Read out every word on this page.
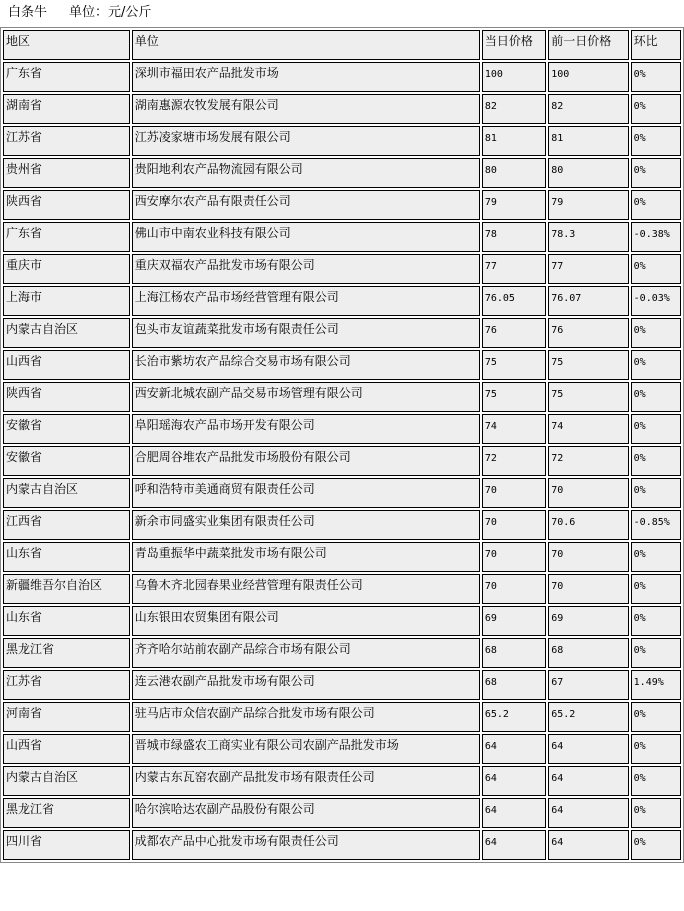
白条牛 单位：元/公斤
地区	单位	当日价格	前一日价格	环比
广东省	深圳市福田农产品批发市场	100	100	0%
湖南省	湖南惠源农牧发展有限公司	82	82	0%
江苏省	江苏凌家塘市场发展有限公司	81	81	0%
贵州省	贵阳地利农产品物流园有限公司	80	80	0%
陕西省	西安摩尔农产品有限责任公司	79	79	0%
广东省	佛山市中南农业科技有限公司	78	78.3	-0.38%
重庆市	重庆双福农产品批发市场有限公司	77	77	0%
上海市	上海江杨农产品市场经营管理有限公司	76.05	76.07	-0.03%
内蒙古自治区	包头市友谊蔬菜批发市场有限责任公司	76	76	0%
山西省	长治市紫坊农产品综合交易市场有限公司	75	75	0%
陕西省	西安新北城农副产品交易市场管理有限公司	75	75	0%
安徽省	阜阳瑶海农产品市场开发有限公司	74	74	0%
安徽省	合肥周谷堆农产品批发市场股份有限公司	72	72	0%
内蒙古自治区	呼和浩特市美通商贸有限责任公司	70	70	0%
江西省	新余市同盛实业集团有限责任公司	70	70.6	-0.85%
山东省	青岛重振华中蔬菜批发市场有限公司	70	70	0%
新疆维吾尔自治区	乌鲁木齐北园春果业经营管理有限责任公司	70	70	0%
山东省	山东银田农贸集团有限公司	69	69	0%
黑龙江省	齐齐哈尔站前农副产品综合市场有限公司	68	68	0%
江苏省	连云港农副产品批发市场有限公司	68	67	1.49%
河南省	驻马店市众信农副产品综合批发市场有限公司	65.2	65.2	0%
山西省	晋城市绿盛农工商实业有限公司农副产品批发市场	64	64	0%
内蒙古自治区	内蒙古东瓦窑农副产品批发市场有限责任公司	64	64	0%
黑龙江省	哈尔滨哈达农副产品股份有限公司	64	64	0%
四川省	成都农产品中心批发市场有限责任公司	64	64	0%
